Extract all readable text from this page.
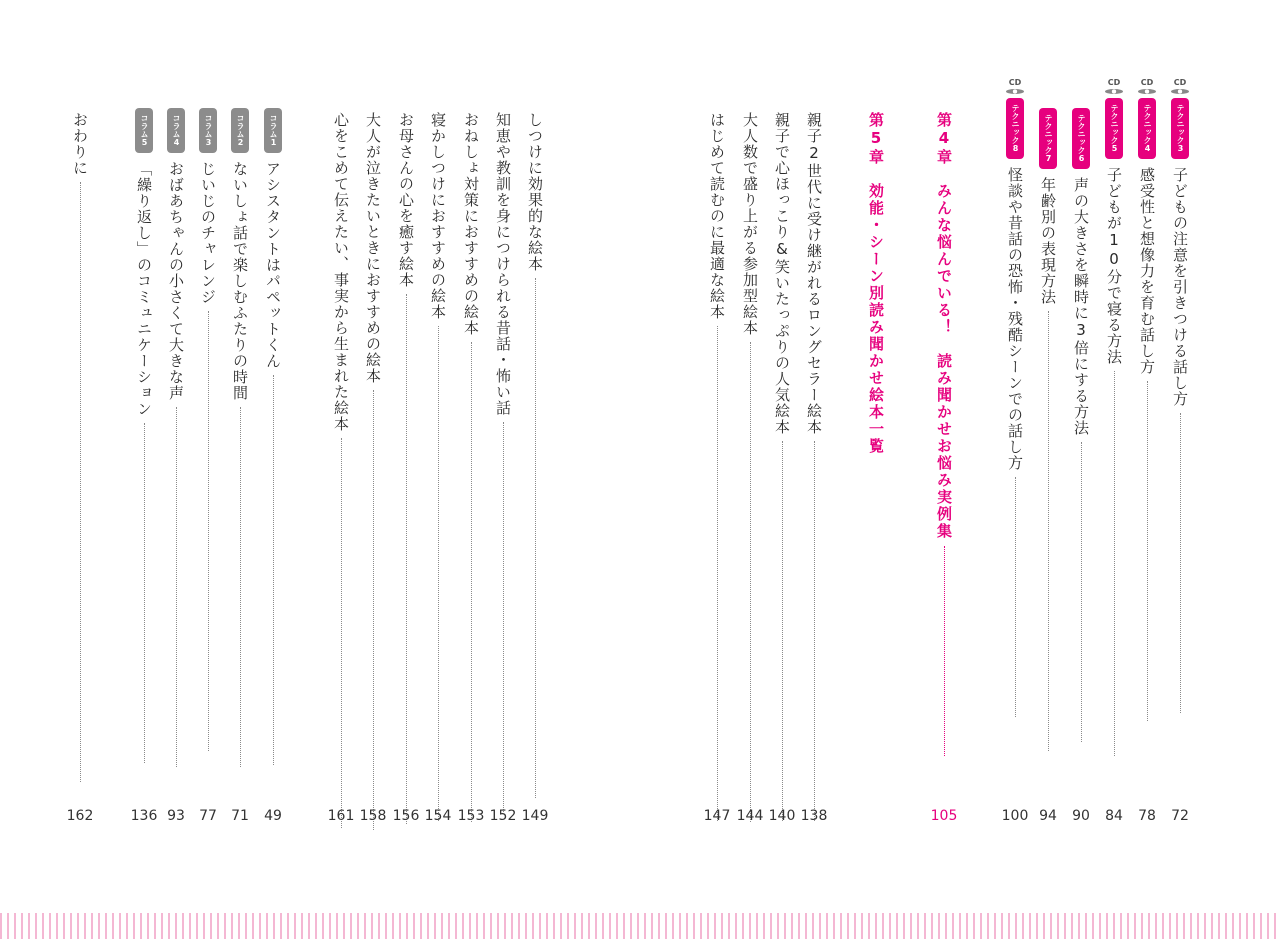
CD
テクニック3
子どもの注意を引きつける話し方
72
CD
テクニック4
感受性と想像力を育む話し方
78
CD
テクニック5
子どもが10分で寝る方法
84
テクニック6
声の大きさを瞬時に3倍にする方法
90
テクニック7
年齢別の表現方法
94
CD
テクニック8
怪談や昔話の恐怖・残酷シーンでの話し方
100
第4章　みんな悩んでいる！　読み聞かせお悩み実例集
105
第5章　効能・シーン別読み聞かせ絵本一覧
親子2世代に受け継がれるロングセラー絵本
138
親子で心ほっこり&笑いたっぷりの人気絵本
140
大人数で盛り上がる参加型絵本
144
はじめて読むのに最適な絵本
147
しつけに効果的な絵本
149
知恵や教訓を身につけられる昔話・怖い話
152
おねしょ対策におすすめの絵本
153
寝かしつけにおすすめの絵本
154
お母さんの心を癒す絵本
156
大人が泣きたいときにおすすめの絵本
158
心をこめて伝えたい、事実から生まれた絵本
161
コラム1
アシスタントはパペットくん
49
コラム2
ないしょ話で楽しむふたりの時間
71
コラム3
じいじのチャレンジ
77
コラム4
おばあちゃんの小さくて大きな声
93
コラム5
「繰り返し」のコミュニケーション
136
おわりに
162
